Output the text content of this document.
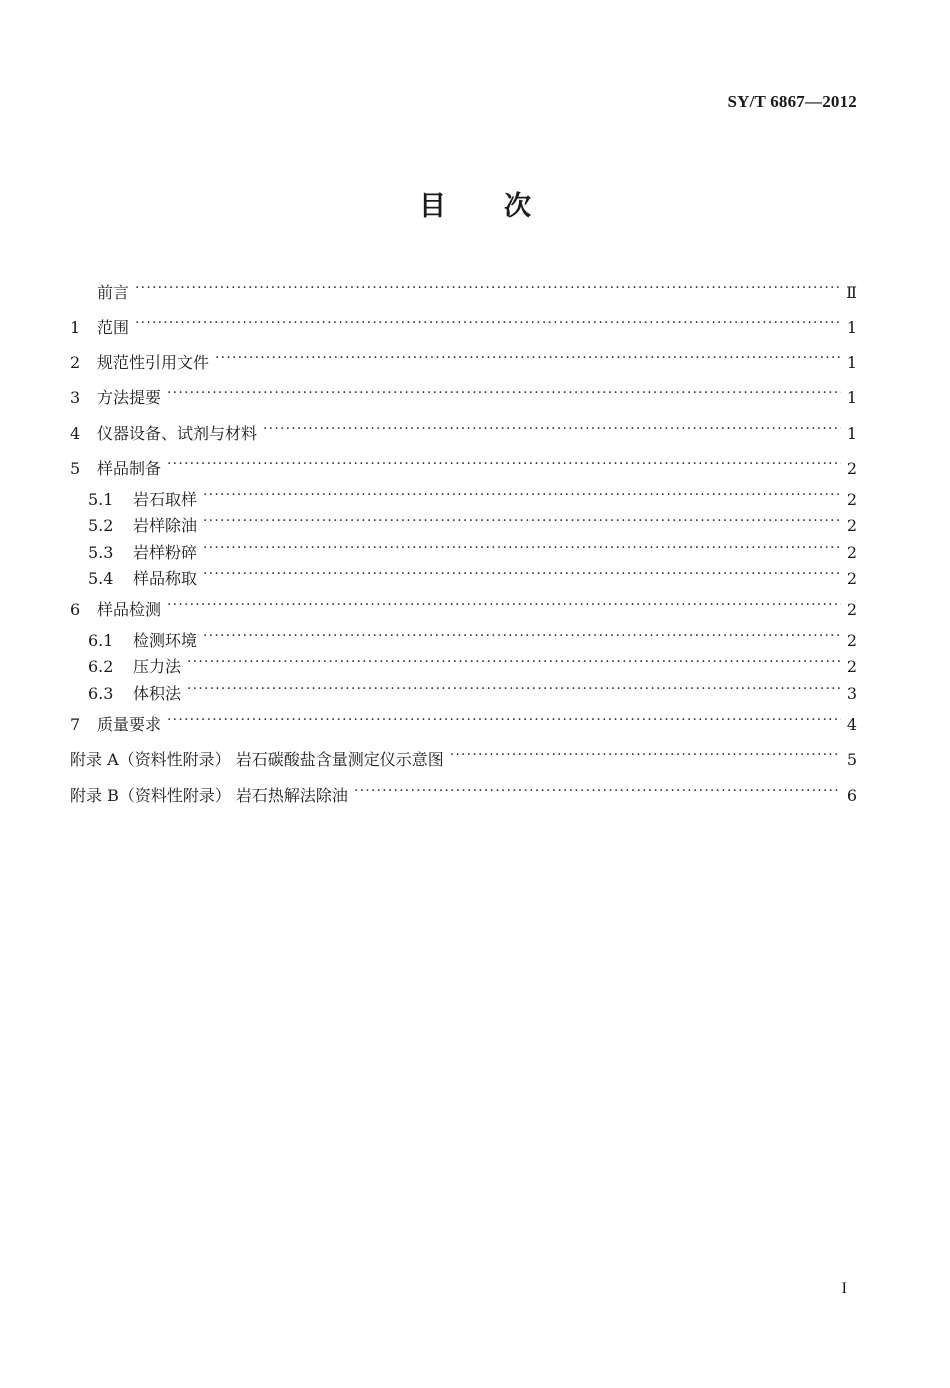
SY/T 6867—2012
目次
前言 ·····	Ⅱ
1	范围 ·····	1
2	规范性引用文件 ·····	1
3	方法提要 ·····	1
4	仪器设备、试剂与材料 ·····	1
5	样品制备 ·····	2
5.1	岩石取样 ·····	2
5.2	岩样除油 ·····	2
5.3	岩样粉碎 ·····	2
5.4	样品称取 ·····	2
6	样品检测 ·····	2
6.1	检测环境 ·····	2
6.2	压力法 ·····	2
6.3	体积法 ·····	3
7	质量要求 ·····	4
附录 A（资料性附录） 岩石碳酸盐含量测定仪示意图 ·····	5
附录 B（资料性附录） 岩石热解法除油 ·····	6
I
